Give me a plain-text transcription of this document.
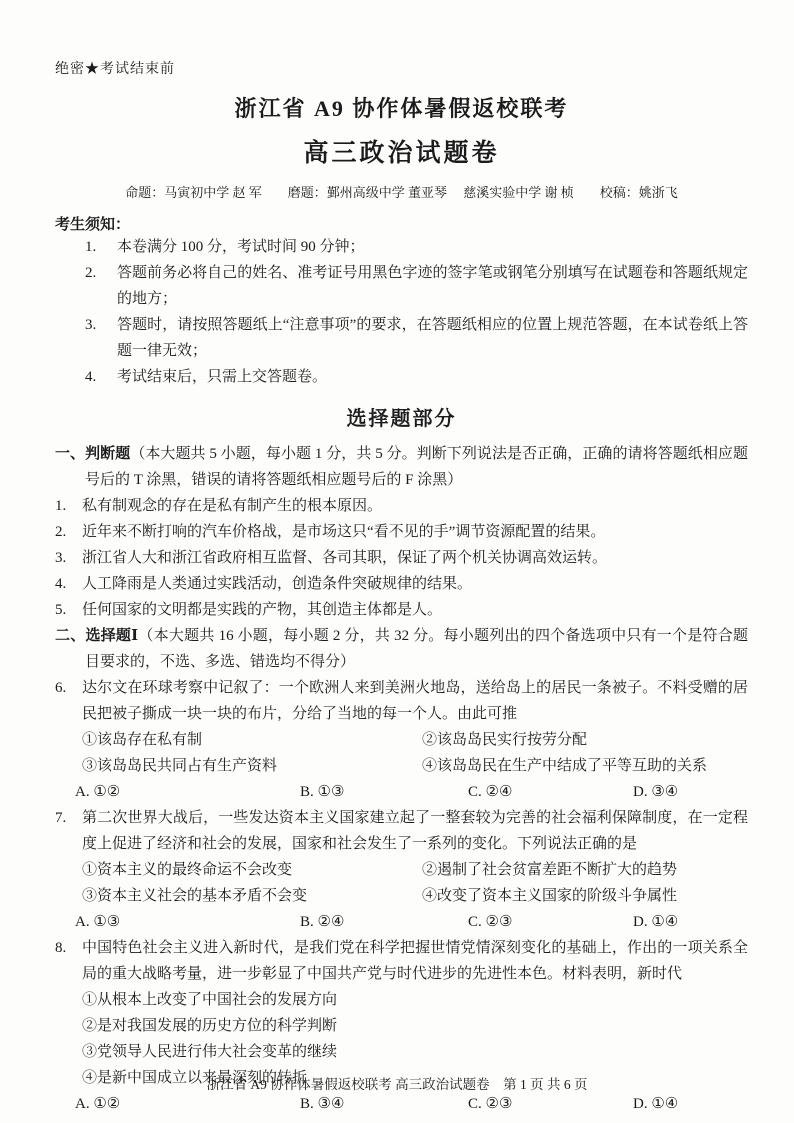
绝密★考试结束前
浙江省 A9 协作体暑假返校联考
高三政治试题卷
命题：马寅初中学 赵 军　　磨题：鄞州高级中学 董亚琴　 慈溪实验中学 谢 桢　　校稿：姚浙飞
考生须知：
1.	本卷满分 100 分，考试时间 90 分钟；
2.	答题前务必将自己的姓名、准考证号用黑色字迹的签字笔或钢笔分别填写在试题卷和答题纸规定的地方；
3.	答题时，请按照答题纸上“注意事项”的要求，在答题纸相应的位置上规范答题，在本试卷纸上答题一律无效；
4.	考试结束后，只需上交答题卷。
选择题部分
一、判断题（本大题共 5 小题，每小题 1 分，共 5 分。判断下列说法是否正确，正确的请将答题纸相应题号后的 T 涂黑，错误的请将答题纸相应题号后的 F 涂黑）
1.	私有制观念的存在是私有制产生的根本原因。
2.	近年来不断打响的汽车价格战，是市场这只“看不见的手”调节资源配置的结果。
3.	浙江省人大和浙江省政府相互监督、各司其职，保证了两个机关协调高效运转。
4.	人工降雨是人类通过实践活动，创造条件突破规律的结果。
5.	任何国家的文明都是实践的产物，其创造主体都是人。
二、选择题Ⅰ（本大题共 16 小题，每小题 2 分，共 32 分。每小题列出的四个备选项中只有一个是符合题目要求的，不选、多选、错选均不得分）
6.	达尔文在环球考察中记叙了：一个欧洲人来到美洲火地岛，送给岛上的居民一条被子。不料受赠的居民把被子撕成一块一块的布片，分给了当地的每一个人。由此可推
①该岛存在私有制	②该岛岛民实行按劳分配
③该岛岛民共同占有生产资料	④该岛岛民在生产中结成了平等互助的关系
A. ①②	B. ①③	C. ②④	D. ③④
7.	第二次世界大战后，一些发达资本主义国家建立起了一整套较为完善的社会福利保障制度，在一定程度上促进了经济和社会的发展，国家和社会发生了一系列的变化。下列说法正确的是
①资本主义的最终命运不会改变	②遏制了社会贫富差距不断扩大的趋势
③资本主义社会的基本矛盾不会变	④改变了资本主义国家的阶级斗争属性
A. ①③	B. ②④	C. ②③	D. ①④
8.	中国特色社会主义进入新时代，是我们党在科学把握世情党情深刻变化的基础上，作出的一项关系全局的重大战略考量，进一步彰显了中国共产党与时代进步的先进性本色。材料表明，新时代
①从根本上改变了中国社会的发展方向
②是对我国发展的历史方位的科学判断
③党领导人民进行伟大社会变革的继续
④是新中国成立以来最深刻的转折
A. ①②	B. ③④	C. ②③	D. ①④
浙江省 A9 协作体暑假返校联考 高三政治试题卷　第 1 页 共 6 页
